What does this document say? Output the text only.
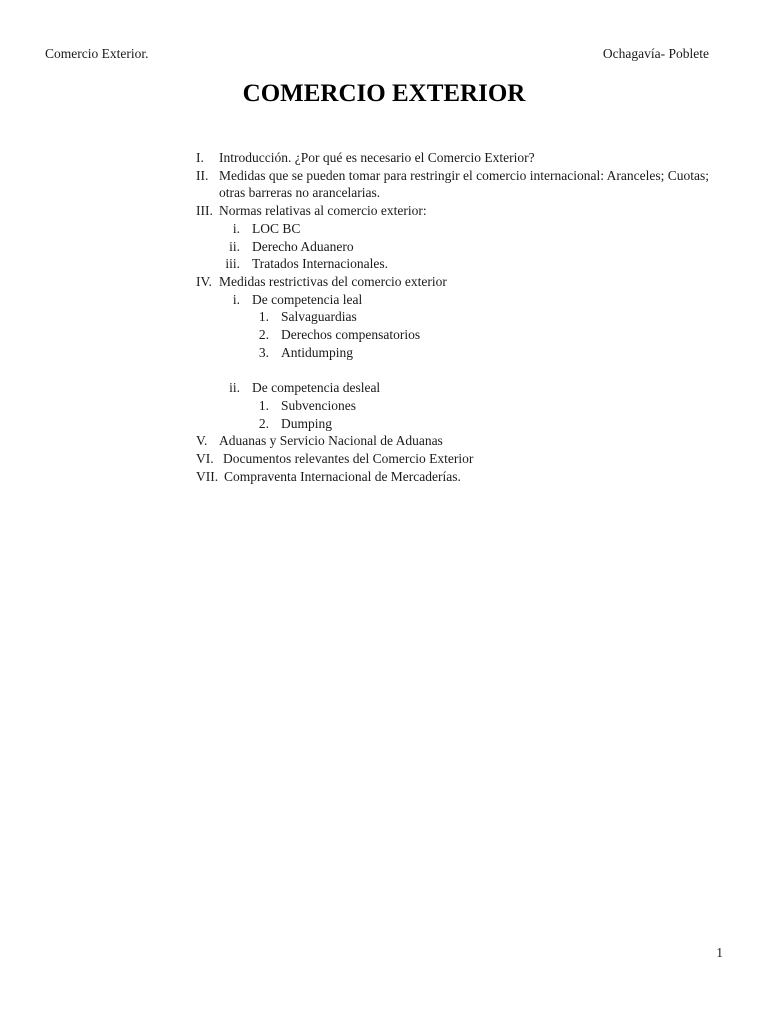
Comercio Exterior.	Ochagavía- Poblete
COMERCIO EXTERIOR
I.	Introducción. ¿Por qué es necesario el Comercio Exterior?
II. Medidas que se pueden tomar para restringir el comercio internacional: Aranceles; Cuotas;
otras barreras no arancelarias.
III. Normas relativas al comercio exterior:
i. LOC BC
ii. Derecho Aduanero
iii. Tratados Internacionales.
IV. Medidas restrictivas del comercio exterior
i. De competencia leal
1. Salvaguardias
2. Derechos compensatorios
3. Antidumping
ii. De competencia desleal
1. Subvenciones
2. Dumping
V. Aduanas y Servicio Nacional de Aduanas
VI. Documentos relevantes del Comercio Exterior
VII. Compraventa Internacional de Mercaderías.
1
